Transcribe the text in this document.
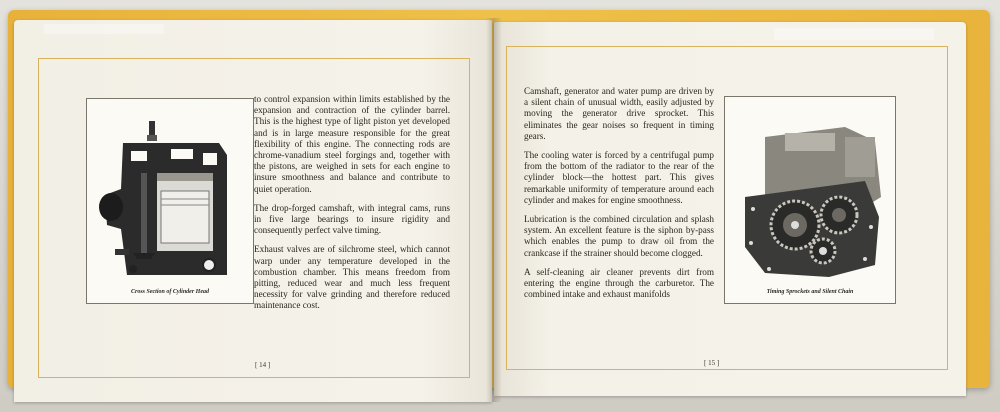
Cross Section of Cylinder Head

to control expansion within limits established by the expansion and contraction of the cylinder barrel. This is the highest type of light piston yet developed and is in large measure responsible for the great flexibility of this engine. The connecting rods are chrome-vanadium steel forgings and, together with the pistons, are weighed in sets for each engine to insure smoothness and balance and contribute to quiet operation.

The drop-forged camshaft, with integral cams, runs in five large bearings to insure rigidity and consequently perfect valve timing.

Exhaust valves are of silchrome steel, which cannot warp under any temperature developed in the combustion chamber. This means freedom from pitting, reduced wear and much less frequent necessity for valve grinding and therefore reduced maintenance cost.

[ 14 ]

Camshaft, generator and water pump are driven by a silent chain of unusual width, easily adjusted by moving the generator drive sprocket. This eliminates the gear noises so frequent in timing gears.

The cooling water is forced by a centrifugal pump from the bottom of the radiator to the rear of the cylinder block—the hottest part. This gives remarkable uniformity of temperature around each cylinder and makes for engine smoothness.

Lubrication is the combined circulation and splash system. An excellent feature is the siphon by-pass which enables the pump to draw oil from the crankcase if the strainer should become clogged.

A self-cleaning air cleaner prevents dirt from entering the engine through the carburetor. The combined intake and exhaust manifolds	Timing Sprockets and Silent Chain
[ 15 ]
